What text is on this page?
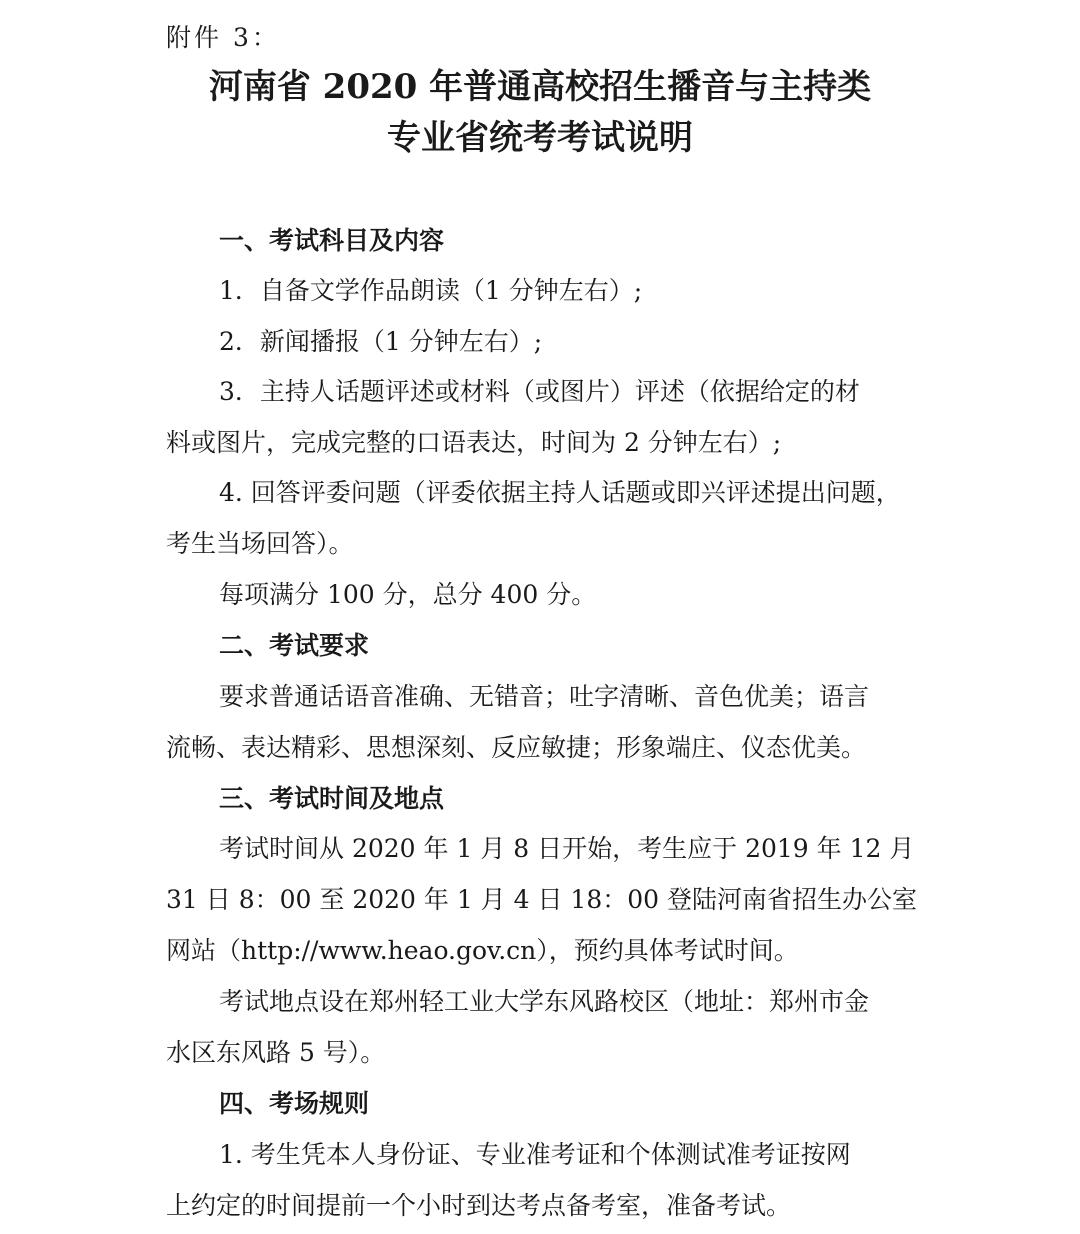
附件 3：
河南省 2020 年普通高校招生播音与主持类
专业省统考考试说明
一、考试科目及内容
1．自备文学作品朗读（1 分钟左右）;
2．新闻播报（1 分钟左右）;
3．主持人话题评述或材料（或图片）评述（依据给定的材
料或图片，完成完整的口语表达，时间为 2 分钟左右）;
4. 回答评委问题（评委依据主持人话题或即兴评述提出问题，
考生当场回答）。
每项满分 100 分，总分 400 分。
二、考试要求
要求普通话语音准确、无错音；吐字清晰、音色优美；语言
流畅、表达精彩、思想深刻、反应敏捷；形象端庄、仪态优美。
三、考试时间及地点
考试时间从 2020 年 1 月 8 日开始，考生应于 2019 年 12 月
31 日 8：00 至 2020 年 1 月 4 日 18：00 登陆河南省招生办公室
网站（http://www.heao.gov.cn），预约具体考试时间。
考试地点设在郑州轻工业大学东风路校区（地址：郑州市金
水区东风路 5 号）。
四、考场规则
1. 考生凭本人身份证、专业准考证和个体测试准考证按网
上约定的时间提前一个小时到达考点备考室，准备考试。
